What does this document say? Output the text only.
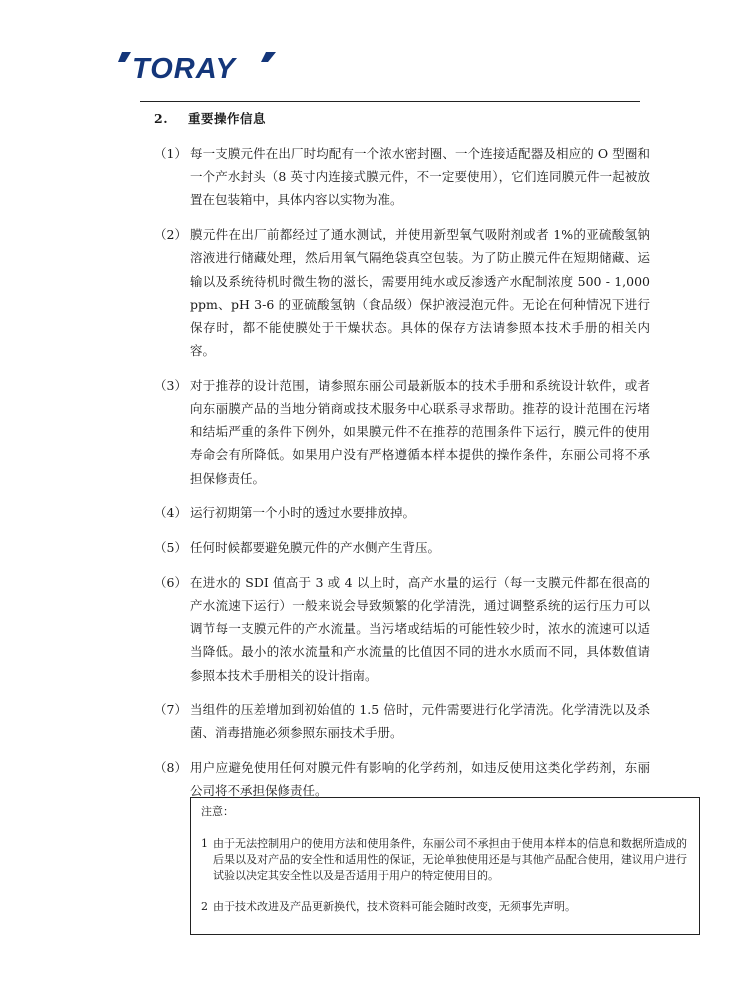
TORAY
2. 重要操作信息
（1） 每一支膜元件在出厂时均配有一个浓水密封圈、一个连接适配器及相应的 O 型圈和一个产水封头（8 英寸内连接式膜元件，不一定要使用），它们连同膜元件一起被放置在包装箱中，具体内容以实物为准。
（2） 膜元件在出厂前都经过了通水测试，并使用新型氧气吸附剂或者 1%的亚硫酸氢钠溶液进行储藏处理，然后用氧气隔绝袋真空包装。为了防止膜元件在短期储藏、运输以及系统待机时微生物的滋长，需要用纯水或反渗透产水配制浓度 500 - 1,000 ppm、pH 3-6 的亚硫酸氢钠（食品级）保护液浸泡元件。无论在何种情况下进行保存时，都不能使膜处于干燥状态。具体的保存方法请参照本技术手册的相关内容。
（3） 对于推荐的设计范围，请参照东丽公司最新版本的技术手册和系统设计软件，或者向东丽膜产品的当地分销商或技术服务中心联系寻求帮助。推荐的设计范围在污堵和结垢严重的条件下例外，如果膜元件不在推荐的范围条件下运行，膜元件的使用寿命会有所降低。如果用户没有严格遵循本样本提供的操作条件，东丽公司将不承担保修责任。
（4） 运行初期第一个小时的透过水要排放掉。
（5） 任何时候都要避免膜元件的产水侧产生背压。
（6） 在进水的 SDI 值高于 3 或 4 以上时，高产水量的运行（每一支膜元件都在很高的产水流速下运行）一般来说会导致频繁的化学清洗，通过调整系统的运行压力可以调节每一支膜元件的产水流量。当污堵或结垢的可能性较少时，浓水的流速可以适当降低。最小的浓水流量和产水流量的比值因不同的进水水质而不同，具体数值请参照本技术手册相关的设计指南。
（7） 当组件的压差增加到初始值的 1.5 倍时，元件需要进行化学清洗。化学清洗以及杀菌、消毒措施必须参照东丽技术手册。
（8） 用户应避免使用任何对膜元件有影响的化学药剂，如违反使用这类化学药剂，东丽公司将不承担保修责任。
注意：
1 由于无法控制用户的使用方法和使用条件，东丽公司不承担由于使用本样本的信息和数据所造成的后果以及对产品的安全性和适用性的保证，无论单独使用还是与其他产品配合使用，建议用户进行试验以决定其安全性以及是否适用于用户的特定使用目的。
2 由于技术改进及产品更新换代，技术资料可能会随时改变，无须事先声明。
